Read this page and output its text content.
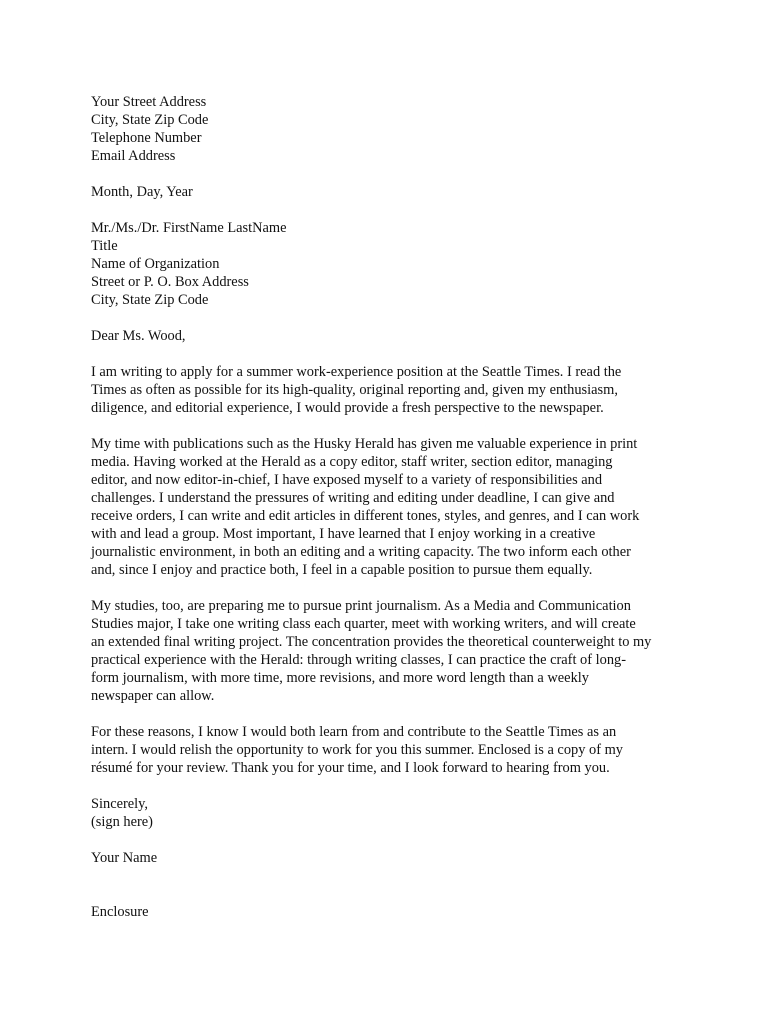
Your Street Address
City, State Zip Code
Telephone Number
Email Address
Month, Day, Year
Mr./Ms./Dr. FirstName LastName
Title
Name of Organization
Street or P. O. Box Address
City, State Zip Code
Dear Ms. Wood,
I am writing to apply for a summer work-experience position at the Seattle Times. I read the
Times as often as possible for its high-quality, original reporting and, given my enthusiasm,
diligence, and editorial experience, I would provide a fresh perspective to the newspaper.
My time with publications such as the Husky Herald has given me valuable experience in print
media. Having worked at the Herald as a copy editor, staff writer, section editor, managing
editor, and now editor-in-chief, I have exposed myself to a variety of responsibilities and
challenges. I understand the pressures of writing and editing under deadline, I can give and
receive orders, I can write and edit articles in different tones, styles, and genres, and I can work
with and lead a group. Most important, I have learned that I enjoy working in a creative
journalistic environment, in both an editing and a writing capacity. The two inform each other
and, since I enjoy and practice both, I feel in a capable position to pursue them equally.
My studies, too, are preparing me to pursue print journalism. As a Media and Communication
Studies major, I take one writing class each quarter, meet with working writers, and will create
an extended final writing project. The concentration provides the theoretical counterweight to my
practical experience with the Herald: through writing classes, I can practice the craft of long-
form journalism, with more time, more revisions, and more word length than a weekly
newspaper can allow.
For these reasons, I know I would both learn from and contribute to the Seattle Times as an
intern. I would relish the opportunity to work for you this summer. Enclosed is a copy of my
résumé for your review. Thank you for your time, and I look forward to hearing from you.
Sincerely,
(sign here)
Your Name
Enclosure
